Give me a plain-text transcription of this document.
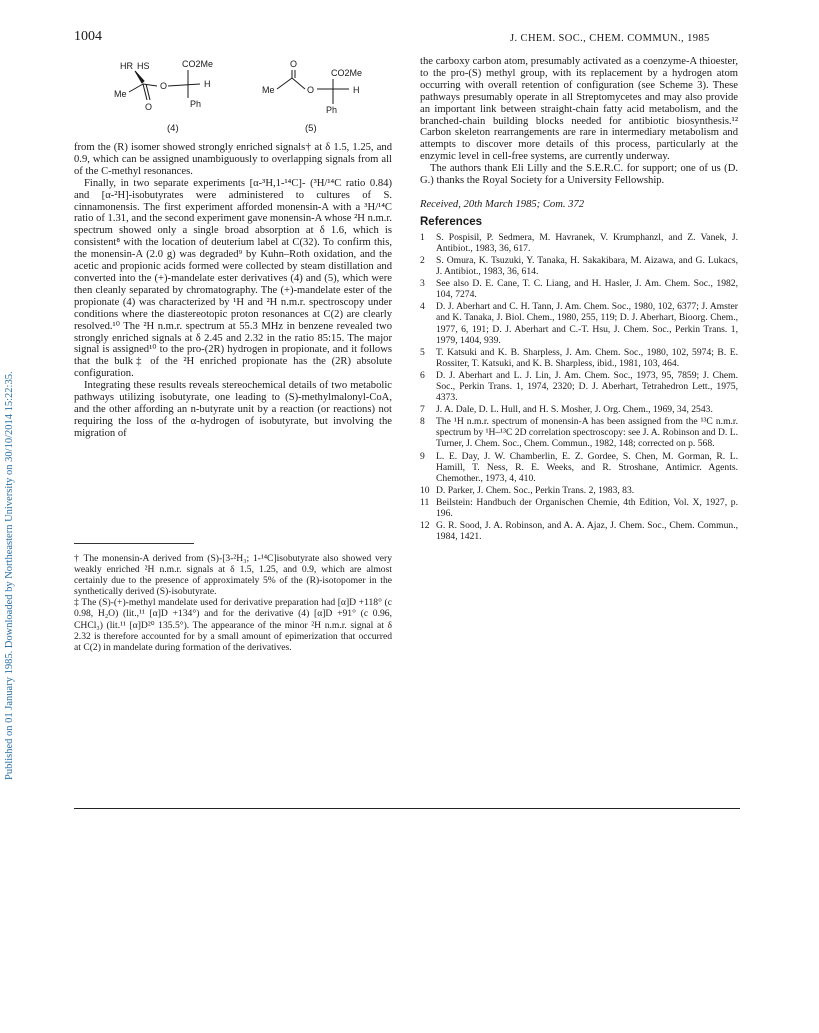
1004	J. CHEM. SOC., CHEM. COMMUN., 1985
Published on 01 January 1985. Downloaded by Northeastern University on 30/10/2014 15:22:35.
HR HS	CO2Me
O	H
Me
O	Ph
(4)
O
CO2Me
Me	O	H
Ph
(5)

from the (R) isomer showed strongly enriched signals† at δ 1.5, 1.25, and 0.9, which can be assigned unambiguously to overlapping signals from all of the C-methyl resonances.

Finally, in two separate experiments [α-³H,1-¹⁴C]- (³H/¹⁴C ratio 0.84) and [α-²H]-isobutyrates were administered to cultures of S. cinnamonensis. The first experiment afforded monensin-A with a ³H/¹⁴C ratio of 1.31, and the second experiment gave monensin-A whose ²H n.m.r. spectrum showed only a single broad absorption at δ 1.6, which is consistent⁸ with the location of deuterium label at C(32). To confirm this, the monensin-A (2.0 g) was degraded⁹ by Kuhn–Roth oxidation, and the acetic and propionic acids formed were collected by steam distillation and converted into the (+)-mandelate ester derivatives (4) and (5), which were then cleanly separated by chromatography. The (+)-mandelate ester of the propionate (4) was characterized by ¹H and ²H n.m.r. spectroscopy under conditions where the diastereotopic proton resonances at C(2) are clearly resolved.¹⁰ The ²H n.m.r. spectrum at 55.3 MHz in benzene revealed two strongly enriched signals at δ 2.45 and 2.32 in the ratio 85:15. The major signal is assigned¹⁰ to the pro-(2R) hydrogen in propionate, and it follows that the bulk‡ of the ²H enriched propionate has the (2R) absolute configuration.

Integrating these results reveals stereochemical details of two metabolic pathways utilizing isobutyrate, one leading to (S)-methylmalonyl-CoA, and the other affording an n-butyrate unit by a reaction (or reactions) not requiring the loss of the α-hydrogen of isobutyrate, but involving the migration of

† The monensin-A derived from (S)-[3-²H₃; 1-¹⁴C]isobutyrate also showed very weakly enriched ²H n.m.r. signals at δ 1.5, 1.25, and 0.9, which are almost certainly due to the presence of approximately 5% of the (R)-isotopomer in the synthetically derived (S)-isobutyrate.

‡ The (S)-(+)-methyl mandelate used for derivative preparation had [α]D +118° (c 0.98, H₂O) (lit.,¹¹ [α]D +134°) and for the derivative (4) [α]D +91° (c 0.96, CHCl₃) (lit.¹¹ [α]D²⁰ 135.5°). The appearance of the minor ²H n.m.r. signal at δ 2.32 is therefore accounted for by a small amount of epimerization that occurred at C(2) in mandelate during formation of the derivatives.

the carboxy carbon atom, presumably activated as a coenzyme-A thioester, to the pro-(S) methyl group, with its replacement by a hydrogen atom occurring with overall retention of configuration (see Scheme 3). These pathways presumably operate in all Streptomycetes and may also provide an important link between straight-chain fatty acid metabolism, and the branched-chain building blocks needed for antibiotic biosynthesis.¹² Carbon skeleton rearrangements are rare in intermediary metabolism and attempts to discover more details of this process, particularly at the enzymic level in cell-free systems, are currently underway.

The authors thank Eli Lilly and the S.E.R.C. for support; one of us (D. G.) thanks the Royal Society for a University Fellowship.

Received, 20th March 1985; Com. 372

References

1	S. Pospisil, P. Sedmera, M. Havranek, V. Krumphanzl, and Z. Vanek, J. Antibiot., 1983, 36, 617.
2	S. Omura, K. Tsuzuki, Y. Tanaka, H. Sakakibara, M. Aizawa, and G. Lukacs, J. Antibiot., 1983, 36, 614.
3	See also D. E. Cane, T. C. Liang, and H. Hasler, J. Am. Chem. Soc., 1982, 104, 7274.
4	D. J. Aberhart and C. H. Tann, J. Am. Chem. Soc., 1980, 102, 6377; J. Amster and K. Tanaka, J. Biol. Chem., 1980, 255, 119; D. J. Aberhart, Bioorg. Chem., 1977, 6, 191; D. J. Aberhart and C.-T. Hsu, J. Chem. Soc., Perkin Trans. 1, 1979, 1404, 939.
5	T. Katsuki and K. B. Sharpless, J. Am. Chem. Soc., 1980, 102, 5974; B. E. Rossiter, T. Katsuki, and K. B. Sharpless, ibid., 1981, 103, 464.
6	D. J. Aberhart and L. J. Lin, J. Am. Chem. Soc., 1973, 95, 7859; J. Chem. Soc., Perkin Trans. 1, 1974, 2320; D. J. Aberhart, Tetrahedron Lett., 1975, 4373.
7	J. A. Dale, D. L. Hull, and H. S. Mosher, J. Org. Chem., 1969, 34, 2543.
8	The ¹H n.m.r. spectrum of monensin-A has been assigned from the ¹³C n.m.r. spectrum by ¹H–¹³C 2D correlation spectroscopy: see J. A. Robinson and D. L. Turner, J. Chem. Soc., Chem. Commun., 1982, 148; corrected on p. 568.
9	L. E. Day, J. W. Chamberlin, E. Z. Gordee, S. Chen, M. Gorman, R. L. Hamill, T. Ness, R. E. Weeks, and R. Stroshane, Antimicr. Agents. Chemother., 1973, 4, 410.
10 D. Parker, J. Chem. Soc., Perkin Trans. 2, 1983, 83.
11 Beilstein: Handbuch der Organischen Chemie, 4th Edition, Vol. X, 1927, p. 196.
12 G. R. Sood, J. A. Robinson, and A. A. Ajaz, J. Chem. Soc., Chem. Commun., 1984, 1421.
